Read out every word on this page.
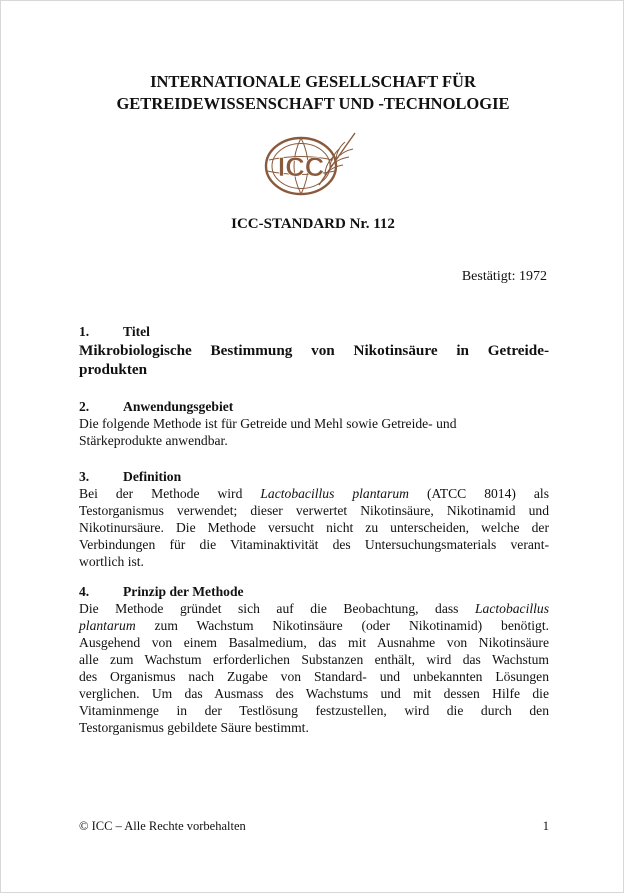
INTERNATIONALE GESELLSCHAFT FÜR
GETREIDEWISSENSCHAFT UND -TECHNOLOGIE
ICC
ICC-STANDARD Nr. 112
Bestätigt: 1972
1.	Titel
Mikrobiologische Bestimmung von Nikotinsäure in Getreide-
produkten
2.	Anwendungsgebiet
Die folgende Methode ist für Getreide und Mehl sowie Getreide- und
Stärkeprodukte anwendbar.
3.	Definition
Bei der Methode wird Lactobacillus plantarum (ATCC 8014) als
Testorganismus verwendet; dieser verwertet Nikotinsäure, Nikotinamid und
Nikotinursäure. Die Methode versucht nicht zu unterscheiden, welche der
Verbindungen für die Vitaminaktivität des Untersuchungsmaterials verant-
wortlich ist.
4.	Prinzip der Methode
Die Methode gründet sich auf die Beobachtung, dass Lactobacillus
plantarum zum Wachstum Nikotinsäure (oder Nikotinamid) benötigt.
Ausgehend von einem Basalmedium, das mit Ausnahme von Nikotinsäure
alle zum Wachstum erforderlichen Substanzen enthält, wird das Wachstum
des Organismus nach Zugabe von Standard- und unbekannten Lösungen
verglichen. Um das Ausmass des Wachstums und mit dessen Hilfe die
Vitaminmenge in der Testlösung festzustellen, wird die durch den
Testorganismus gebildete Säure bestimmt.
© ICC – Alle Rechte vorbehalten	1
